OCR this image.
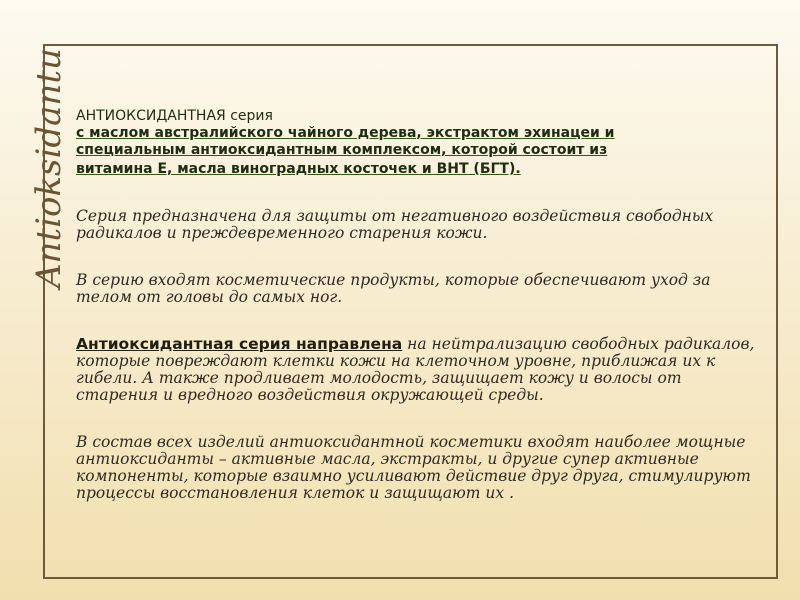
Antioksidantu АНТИОКСИДАНТНАЯ серия
с маслом австралийского чайного дерева, экстрактом эхинацеи и
специальным антиоксидантным комплексом, которой состоит из
витамина Е, масла виноградных косточек и ВНТ (БГТ).
Серия предназначена для защиты от негативного воздействия свободных радикалов и преждевременного старения кожи.
В серию входят косметические продукты, которые обеспечивают уход за телом от головы до самых ног.
Антиоксидантная серия направлена на нейтрализацию свободных радикалов, которые повреждают клетки кожи на клеточном уровне, приближая их к гибели. А также продливает молодость, защищает кожу и волосы от старения и вредного воздействия окружающей среды.
В состав всех изделий антиоксидантной косметики входят наиболее мощные антиоксиданты – активные масла, экстракты, и другие супер активные компоненты, которые взаимно усиливают действие друг друга, стимулируют процессы восстановления клеток и защищают их .
